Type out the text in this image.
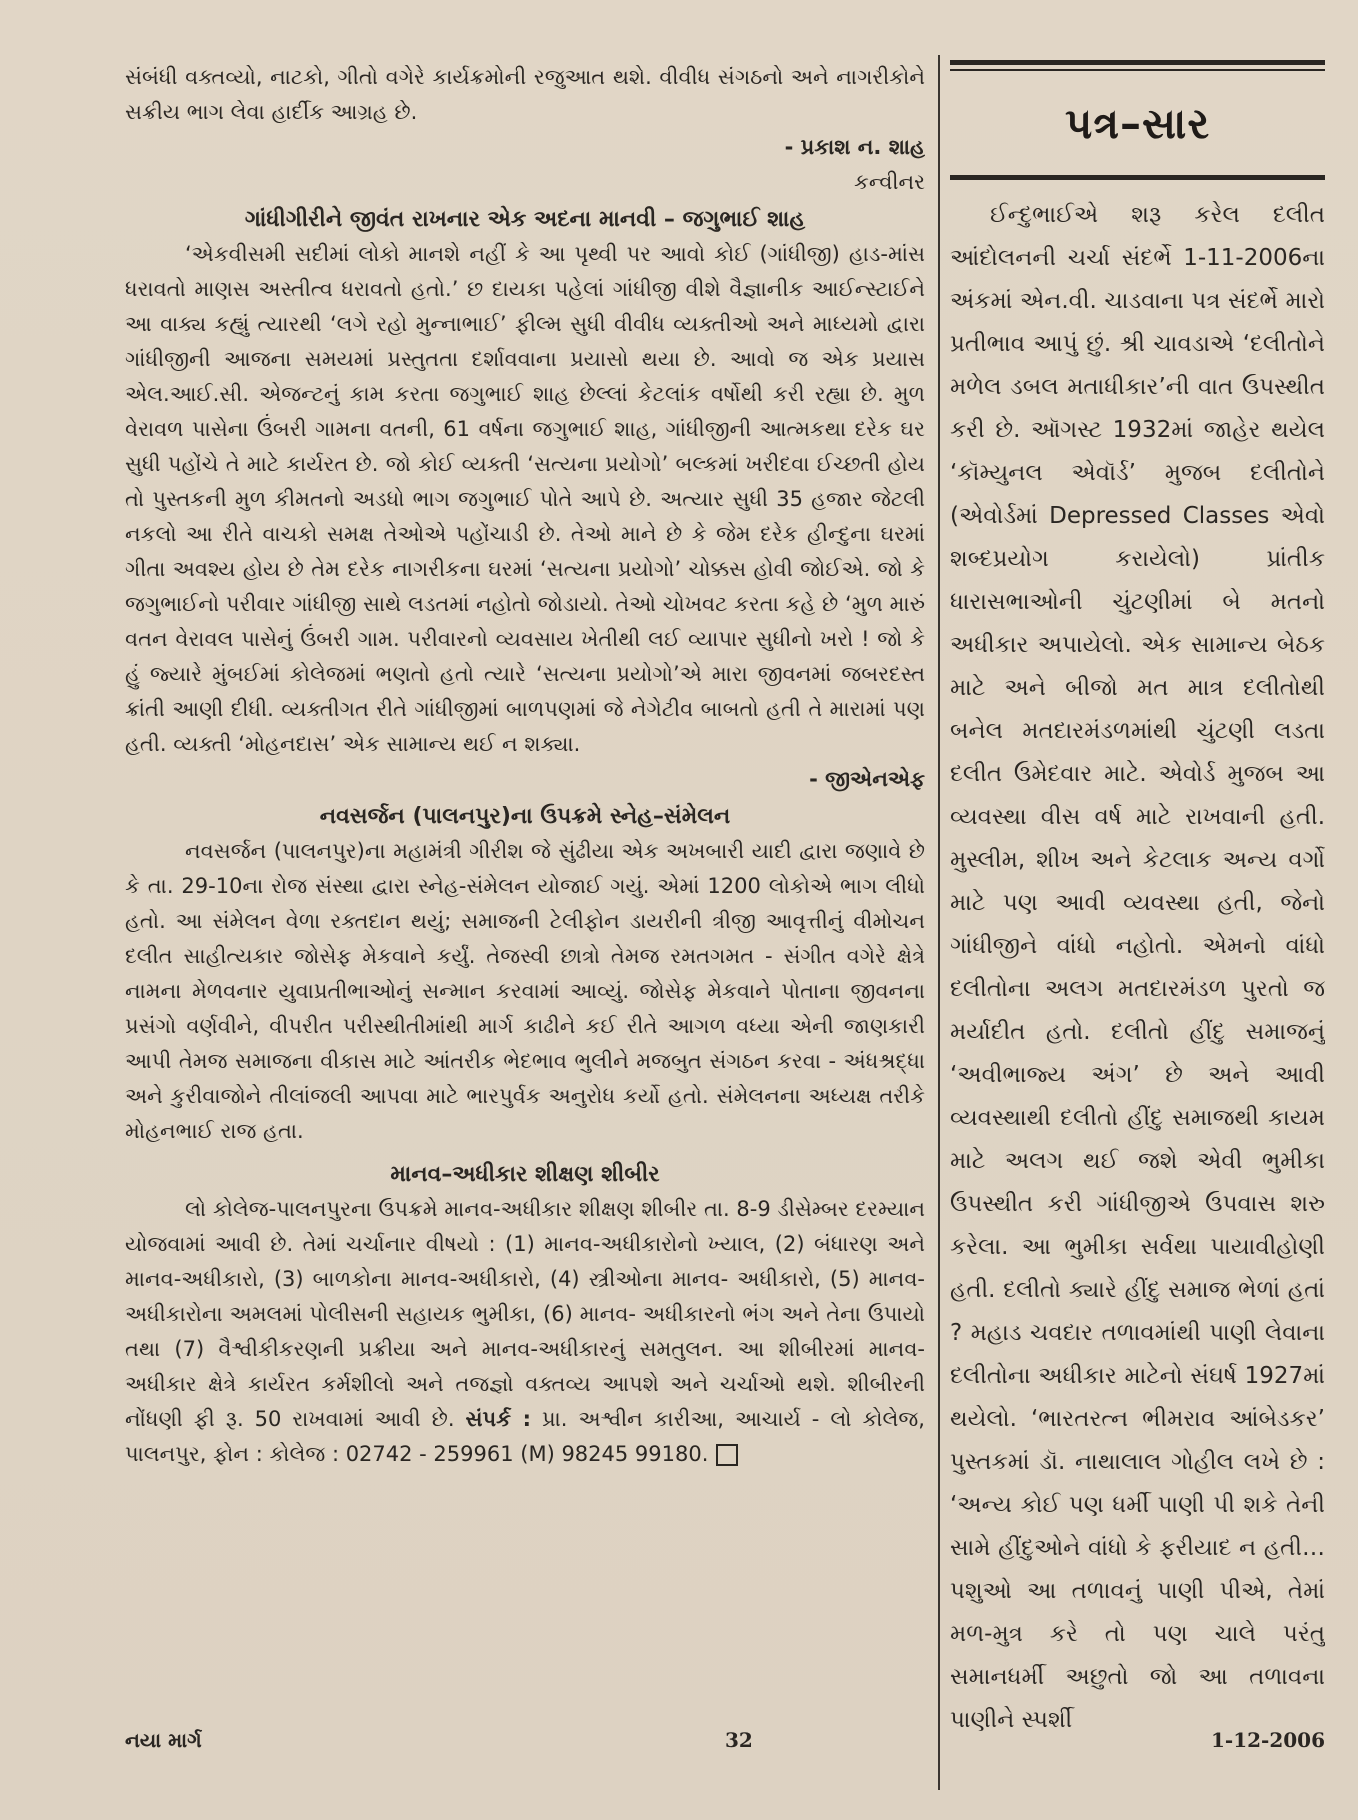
સંબંધી વક્તવ્યો, નાટકો, ગીતો વગેરે કાર્યક્રમોની રજુઆત થશે. વીવીધ સંગઠનો અને નાગરીકોને સક્રીય ભાગ લેવા હાર્દીક આગ્રહ છે.

- પ્રકાશ ન. શાહ

કન્વીનર

ગાંધીગીરીને જીવંત રાખનાર એક અદના માનવી – જગુભાઈ શાહ

‘એકવીસમી સદીમાં લોકો માનશે નહીં કે આ પૃથ્વી પર આવો કોઈ (ગાંધીજી) હાડ-માંસ ધરાવતો માણસ અસ્તીત્વ ધરાવતો હતો.’ છ દાયકા પહેલાં ગાંધીજી વીશે વૈજ્ઞાનીક આઈન્સ્ટાઈને આ વાક્ય કહ્યું ત્યારથી ‘લગે રહો મુન્નાભાઈ’ ફીલ્મ સુધી વીવીધ વ્યક્તીઓ અને માધ્યમો દ્વારા ગાંધીજીની આજના સમયમાં પ્રસ્તુતતા દર્શાવવાના પ્રયાસો થયા છે. આવો જ એક પ્રયાસ એલ.આઈ.સી. એજન્ટનું કામ કરતા જગુભાઈ શાહ છેલ્લાં કેટલાંક વર્ષોથી કરી રહ્યા છે. મુળ વેરાવળ પાસેના ઉંબરી ગામના વતની, 61 વર્ષના જગુભાઈ શાહ, ગાંધીજીની આત્મકથા દરેક ઘર સુધી પહોંચે તે માટે કાર્યરત છે. જો કોઈ વ્યક્તી ‘સત્યના પ્રયોગો’ બલ્કમાં ખરીદવા ઈચ્છતી હોય તો પુસ્તકની મુળ કીમતનો અડધો ભાગ જગુભાઈ પોતે આપે છે. અત્યાર સુધી 35 હજાર જેટલી નકલો આ રીતે વાચકો સમક્ષ તેઓએ પહોંચાડી છે. તેઓ માને છે કે જેમ દરેક હીન્દુના ઘરમાં ગીતા અવશ્ય હોય છે તેમ દરેક નાગરીકના ઘરમાં ‘સત્યના પ્રયોગો’ ચોક્કસ હોવી જોઈએ. જો કે જગુભાઈનો પરીવાર ગાંધીજી સાથે લડતમાં નહોતો જોડાયો. તેઓ ચોખવટ કરતા કહે છે ‘મુળ મારું વતન વેરાવલ પાસેનું ઉંબરી ગામ. પરીવારનો વ્યવસાય ખેતીથી લઈ વ્યાપાર સુધીનો ખરો ! જો કે હું જ્યારે મુંબઈમાં કોલેજમાં ભણતો હતો ત્યારે ‘સત્યના પ્રયોગો’એ મારા જીવનમાં જબરદસ્ત ક્રાંતી આણી દીધી. વ્યક્તીગત રીતે ગાંધીજીમાં બાળપણમાં જે નેગેટીવ બાબતો હતી તે મારામાં પણ હતી. વ્યક્તી ‘મોહનદાસ’ એક સામાન્ય થઈ ન શક્યા.

- જીએનએફ

નવસર્જન (પાલનપુર)ના ઉપક્રમે સ્નેહ–સંમેલન

નવસર્જન (પાલનપુર)ના મહામંત્રી ગીરીશ જે સુંઢીયા એક અખબારી યાદી દ્વારા જણાવે છે કે તા. 29-10ના રોજ સંસ્થા દ્વારા સ્નેહ-સંમેલન યોજાઈ ગયું. એમાં 1200 લોકોએ ભાગ લીધો હતો. આ સંમેલન વેળા રક્તદાન થયું; સમાજની ટેલીફોન ડાયરીની ત્રીજી આવૃત્તીનું વીમોચન દલીત સાહીત્યકાર જોસેફ મેકવાને કર્યું. તેજસ્વી છાત્રો તેમજ રમતગમત - સંગીત વગેરે ક્ષેત્રે નામના મેળવનાર યુવાપ્રતીભાઓનું સન્માન કરવામાં આવ્યું. જોસેફ મેકવાને પોતાના જીવનના પ્રસંગો વર્ણવીને, વીપરીત પરીસ્થીતીમાંથી માર્ગ કાઢીને કઈ રીતે આગળ વધ્યા એની જાણકારી આપી તેમજ સમાજના વીકાસ માટે આંતરીક ભેદભાવ ભુલીને મજબુત સંગઠન કરવા - અંધશ્રદ્ધા અને કુરીવાજોને તીલાંજલી આપવા માટે ભારપુર્વક અનુરોધ કર્યો હતો. સંમેલનના અધ્યક્ષ તરીકે મોહનભાઈ રાજ હતા.

માનવ–અધીકાર શીક્ષણ શીબીર

લો કોલેજ-પાલનપુરના ઉપક્રમે માનવ-અધીકાર શીક્ષણ શીબીર તા. 8-9 ડીસેમ્બર દરમ્યાન યોજવામાં આવી છે. તેમાં ચર્ચાનાર વીષયો : (1) માનવ-અધીકારોનો ખ્યાલ, (2) બંધારણ અને માનવ-અધીકારો, (3) બાળકોના માનવ-અધીકારો, (4) સ્ત્રીઓના માનવ- અધીકારો, (5) માનવ-અધીકારોના અમલમાં પોલીસની સહાયક ભુમીકા, (6) માનવ- અધીકારનો ભંગ અને તેના ઉપાયો તથા (7) વૈશ્વીકીકરણની પ્રક્રીયા અને માનવ-અધીકારનું સમતુલન. આ શીબીરમાં માનવ-અધીકાર ક્ષેત્રે કાર્યરત કર્મશીલો અને તજજ્ઞો વક્તવ્ય આપશે અને ચર્ચાઓ થશે. શીબીરની નોંધણી ફી રૂ. 50 રાખવામાં આવી છે. સંપર્ક : પ્રા. અશ્વીન કારીઆ, આચાર્ય - લો કોલેજ, પાલનપુર, ફોન : કોલેજ : 02742 - 259961 (M) 98245 99180.

પત્ર–સાર

ઈન્દુભાઈએ શરૂ કરેલ દલીત આંદોલનની ચર્ચા સંદર્ભે 1-11-2006ના અંકમાં એન.વી. ચાડવાના પત્ર સંદર્ભે મારો પ્રતીભાવ આપું છું. શ્રી ચાવડાએ ‘દલીતોને મળેલ ડબલ મતાધીકાર’ની વાત ઉપસ્થીત કરી છે. ઑગસ્ટ 1932માં જાહેર થયેલ ‘કૉમ્યુનલ એવૉર્ડ’ મુજબ દલીતોને (એવોર્ડમાં Depressed Classes એવો શબ્દપ્રયોગ કરાયેલો) પ્રાંતીક ધારાસભાઓની ચુંટણીમાં બે મતનો અધીકાર અપાયેલો. એક સામાન્ય બેઠક માટે અને બીજો મત માત્ર દલીતોથી બનેલ મતદારમંડળમાંથી ચુંટણી લડતા દલીત ઉમેદવાર માટે. એવોર્ડ મુજબ આ વ્યવસ્થા વીસ વર્ષ માટે રાખવાની હતી. મુસ્લીમ, શીખ અને કેટલાક અન્ય વર્ગો માટે પણ આવી વ્યવસ્થા હતી, જેનો ગાંધીજીને વાંધો નહોતો. એમનો વાંધો દલીતોના અલગ મતદારમંડળ પુરતો જ મર્યાદીત હતો. દલીતો હીંદુ સમાજનું ‘અવીભાજ્ય અંગ’ છે અને આવી વ્યવસ્થાથી દલીતો હીંદુ સમાજથી કાયમ માટે અલગ થઈ જશે એવી ભુમીકા ઉપસ્થીત કરી ગાંધીજીએ ઉપવાસ શરુ કરેલા. આ ભુમીકા સર્વથા પાયાવીહોણી હતી. દલીતો ક્યારે હીંદુ સમાજ ભેળાં હતાં ? મહાડ ચવદાર તળાવમાંથી પાણી લેવાના દલીતોના અધીકાર માટેનો સંઘર્ષ 1927માં થયેલો. ‘ભારતરત્ન ભીમરાવ આંબેડકર’ પુસ્તકમાં ડૉ. નાથાલાલ ગોહીલ લખે છે : ‘અન્ય કોઈ પણ ધર્મી પાણી પી શકે તેની સામે હીંદુઓને વાંધો કે ફરીયાદ ન હતી… પશુઓ આ તળાવનું પાણી પીએ, તેમાં મળ-મુત્ર કરે તો પણ ચાલે પરંતુ સમાનધર્મી અછુતો જો આ તળાવના પાણીને સ્પર્શી

નયા માર્ગ	32	1-12-2006
